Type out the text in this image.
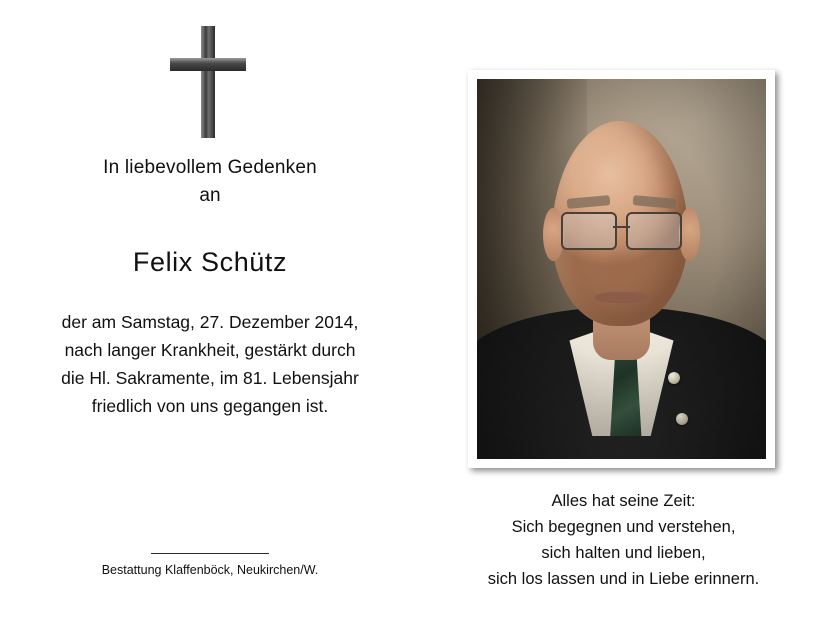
In liebevollem Gedenken
an
Felix Schütz
der am Samstag, 27. Dezember 2014,
nach langer Krankheit, gestärkt durch
die Hl. Sakramente, im 81. Lebensjahr
friedlich von uns gegangen ist.
Bestattung Klaffenböck, Neukirchen/W.
Alles hat seine Zeit:
Sich begegnen und verstehen,
sich halten und lieben,
sich los lassen und in Liebe erinnern.
